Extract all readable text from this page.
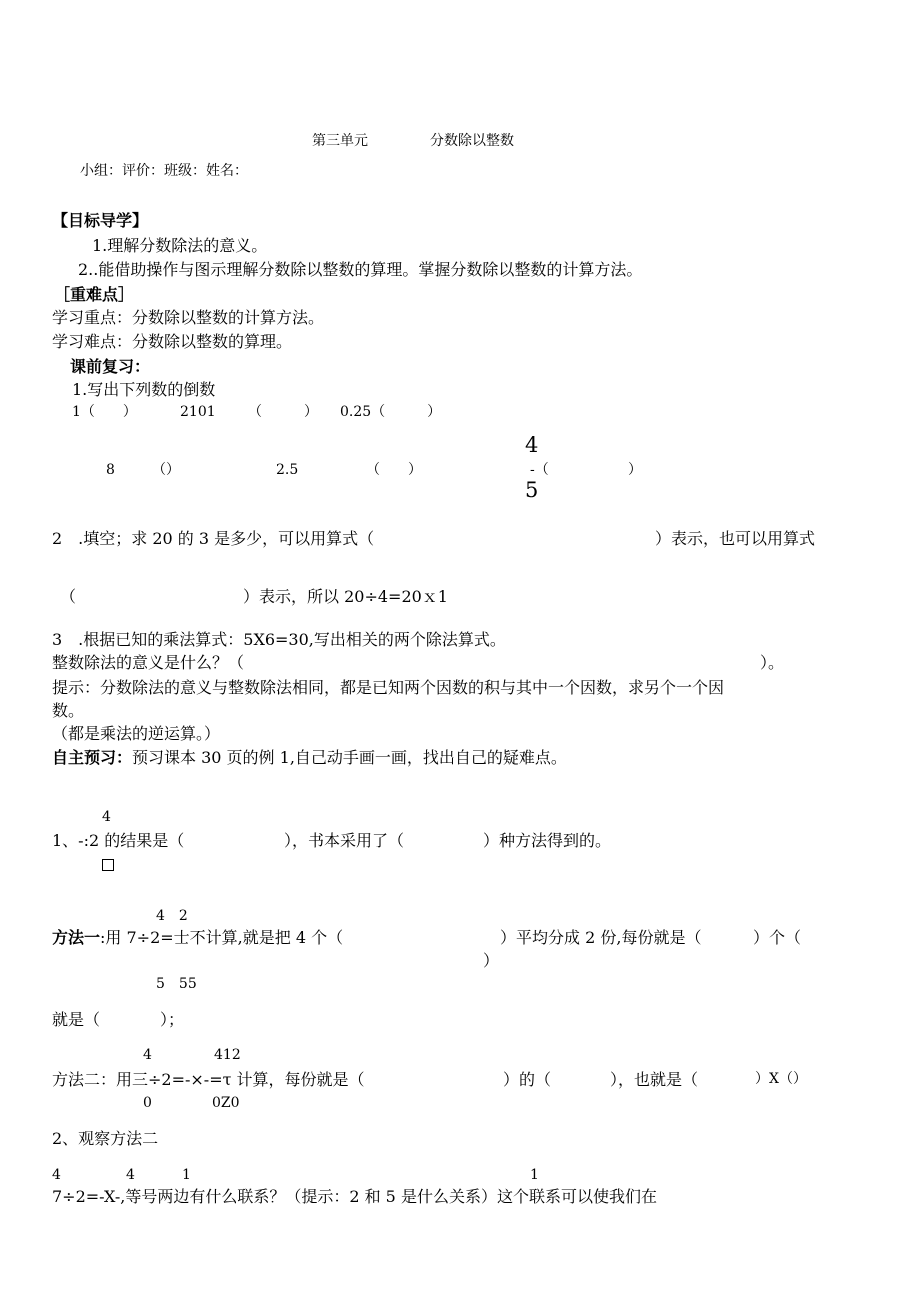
第三单元	分数除以整数
小组：评价：班级：姓名：
【目标导学】
1.理解分数除法的意义。
2..能借助操作与图示理解分数除以整数的算理。掌握分数除以整数的计算方法。
［重难点］
学习重点：分数除以整数的计算方法。
学习难点：分数除以整数的算理。
课前复习：
1.写出下列数的倒数
1（　　）	2101 （　　　） 0.25（　　　）
8	（）	2.5	（　　）
4
-（	）
5
2　.填空；求 20 的 3 是多少，可以用算式（	）表示，也可以用算式
（	）表示，所以 20÷4=20ｘ1
3　.根据已知的乘法算式：5X6=30,写出相关的两个除法算式。
整数除法的意义是什么？（	）。
提示：分数除法的意义与整数除法相同，都是已知两个因数的积与其中一个因数，求另个一个因
数。
（都是乘法的逆运算。）
自主预习：预习课本 30 页的例 1,自己动手画一画，找出自己的疑难点。
4
1、-:2 的结果是（	），书本采用了（	）种方法得到的。
4　2
方法一:用 7÷2=士不计算,就是把 4 个（	）平均分成 2 份,每份就是（	）个（
）
5　55
就是（	）；
4	412
方法二：用三÷2=-×-=τ 计算，每份就是（	）的（	），也就是（	）X（）
0	0Z0
2、观察方法二
4	4	1	1
7÷2=-X-,等号两边有什么联系？（提示：2 和 5 是什么关系）这个联系可以使我们在
